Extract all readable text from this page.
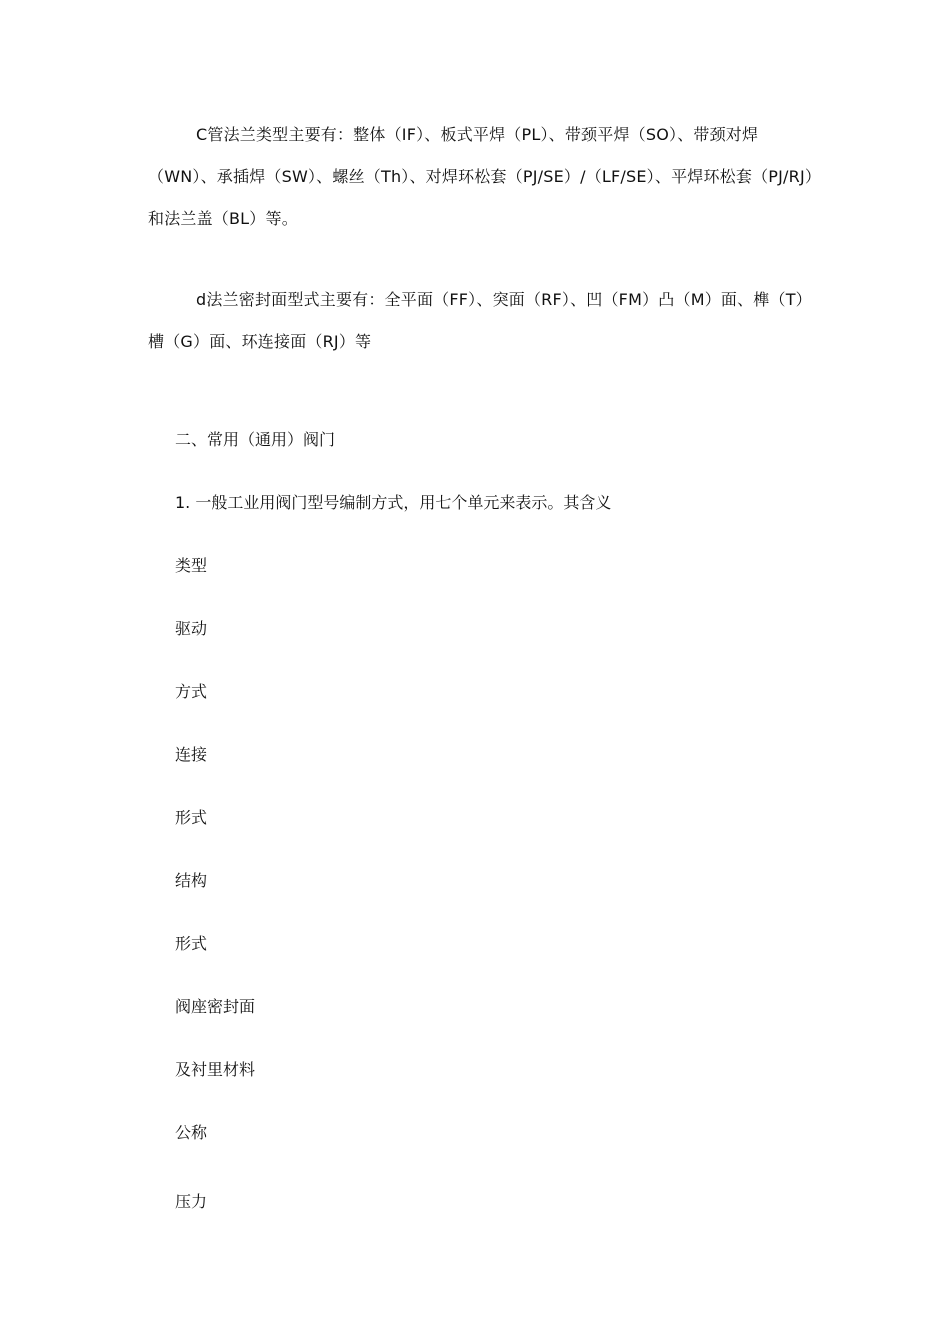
C管法兰类型主要有：整体（IF）、板式平焊（PL）、带颈平焊（SO）、带颈对焊（WN）、承插焊（SW）、螺丝（Th）、对焊环松套（PJ/SE）/（LF/SE）、平焊环松套（PJ/RJ）和法兰盖（BL）等。

d法兰密封面型式主要有：全平面（FF）、突面（RF）、凹（FM）凸（M）面、榫（T）槽（G）面、环连接面（RJ）等

二、常用（通用）阀门

1. 一般工业用阀门型号编制方式，用七个单元来表示。其含义

类型

驱动

方式

连接

形式

结构

形式

阀座密封面

及衬里材料

公称

压力
